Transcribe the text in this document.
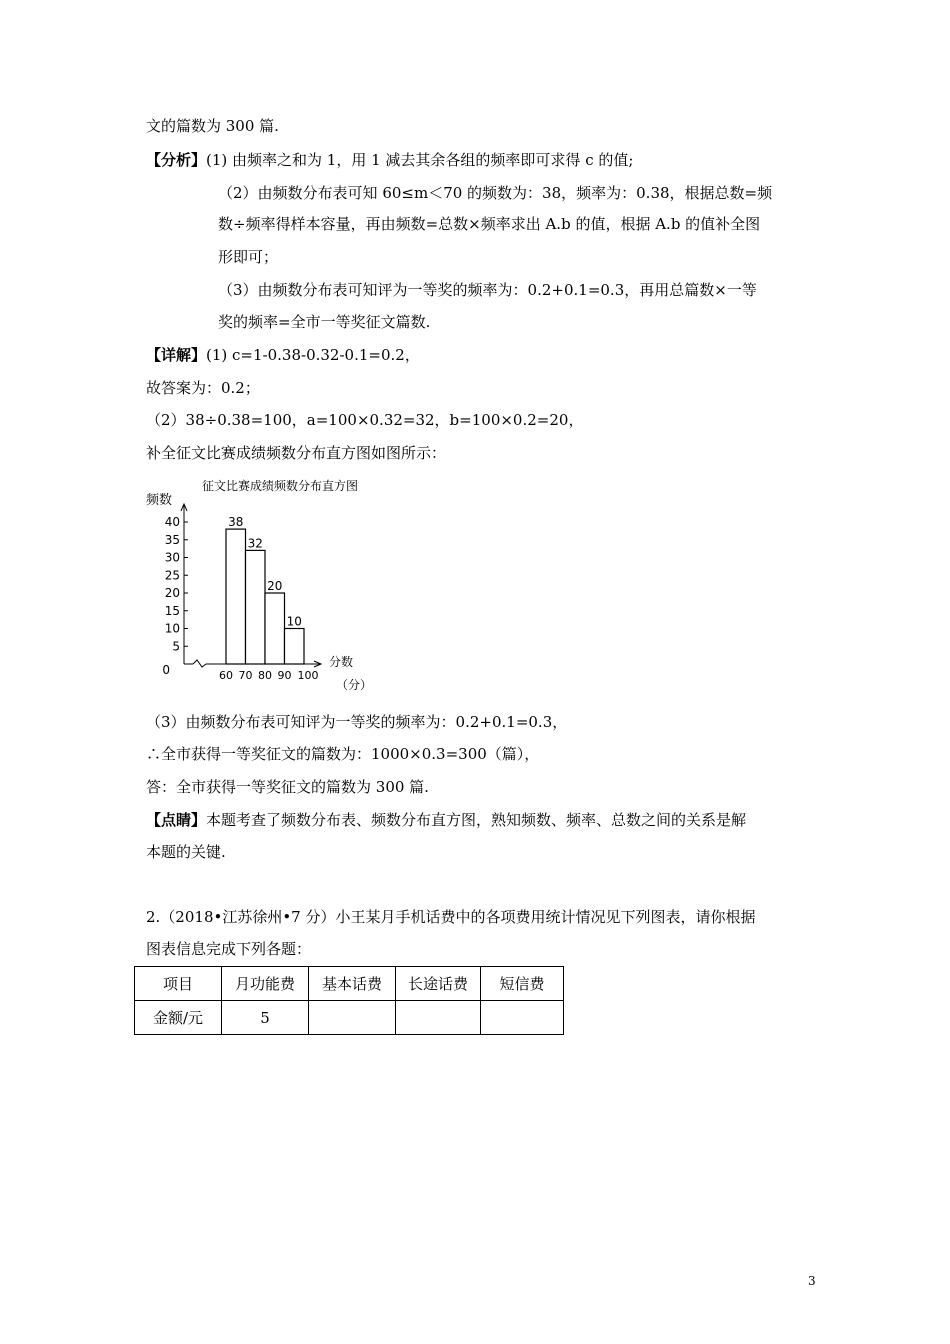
文的篇数为 300 篇.
【分析】(1) 由频率之和为 1，用 1 减去其余各组的频率即可求得 c 的值;
（2）由频数分布表可知 60≤m＜70 的频数为：38，频率为：0.38，根据总数=频
数÷频率得样本容量，再由频数=总数×频率求出 A.b 的值，根据 A.b 的值补全图
形即可；
（3）由频数分布表可知评为一等奖的频率为：0.2+0.1=0.3，再用总篇数×一等
奖的频率=全市一等奖征文篇数.
【详解】(1) c=1-0.38-0.32-0.1=0.2，
故答案为：0.2；
（2）38÷0.38=100，a=100×0.32=32，b=100×0.2=20，
补全征文比赛成绩频数分布直方图如图所示：
征文比赛成绩频数分布直方图
频数
0
5
10
15
20
25
30
35
40	38
32
20
10
60 70 80 90 100
分数
（分）
（3）由频数分布表可知评为一等奖的频率为：0.2+0.1=0.3，
∴全市获得一等奖征文的篇数为：1000×0.3=300（篇），
答：全市获得一等奖征文的篇数为 300 篇.
【点睛】本题考查了频数分布表、频数分布直方图，熟知频数、频率、总数之间的关系是解
本题的关键.
2.（2018•江苏徐州•7 分）小王某月手机话费中的各项费用统计情况见下列图表，请你根据
图表信息完成下列各题：
项目	月功能费	基本话费	长途话费	短信费
金额/元	5			
3
